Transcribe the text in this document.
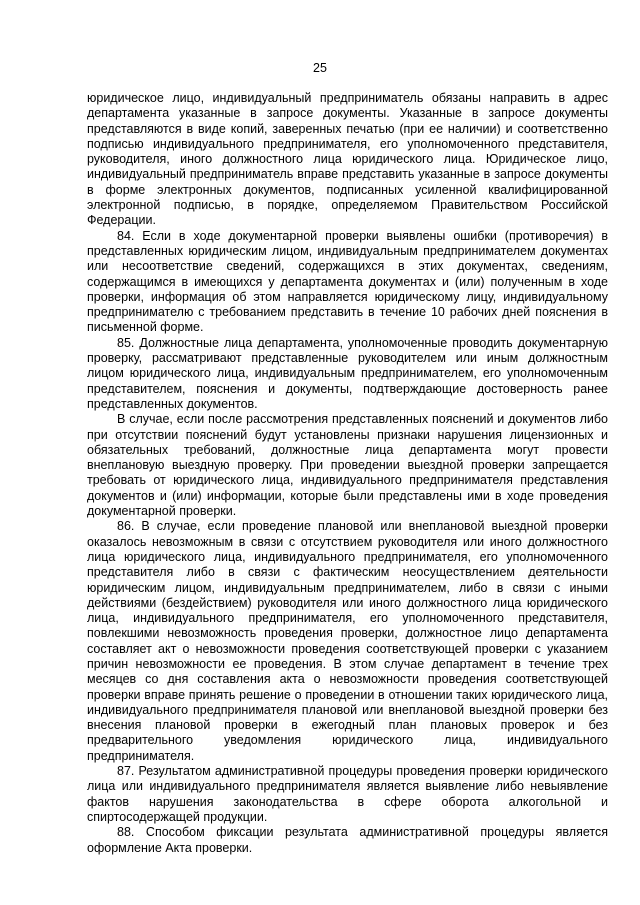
25

юридическое лицо, индивидуальный предприниматель обязаны направить в адрес департамента указанные в запросе документы. Указанные в запросе документы представляются в виде копий, заверенных печатью (при ее наличии) и соответственно подписью индивидуального предпринимателя, его уполномоченного представителя, руководителя, иного должностного лица юридического лица. Юридическое лицо, индивидуальный предприниматель вправе представить указанные в запросе документы в форме электронных документов, подписанных усиленной квалифицированной электронной подписью, в порядке, определяемом Правительством Российской Федерации.

84. Если в ходе документарной проверки выявлены ошибки (противоречия) в представленных юридическим лицом, индивидуальным предпринимателем документах или несоответствие сведений, содержащихся в этих документах, сведениям, содержащимся в имеющихся у департамента документах и (или) полученным в ходе проверки, информация об этом направляется юридическому лицу, индивидуальному предпринимателю с требованием представить в течение 10 рабочих дней пояснения в письменной форме.

85. Должностные лица департамента, уполномоченные проводить документарную проверку, рассматривают представленные руководителем или иным должностным лицом юридического лица, индивидуальным предпринимателем, его уполномоченным представителем, пояснения и документы, подтверждающие достоверность ранее представленных документов.

В случае, если после рассмотрения представленных пояснений и документов либо при отсутствии пояснений будут установлены признаки нарушения лицензионных и обязательных требований, должностные лица департамента могут провести внеплановую выездную проверку. При проведении выездной проверки запрещается требовать от юридического лица, индивидуального предпринимателя представления документов и (или) информации, которые были представлены ими в ходе проведения документарной проверки.

86. В случае, если проведение плановой или внеплановой выездной проверки оказалось невозможным в связи с отсутствием руководителя или иного должностного лица юридического лица, индивидуального предпринимателя, его уполномоченного представителя либо в связи с фактическим неосуществлением деятельности юридическим лицом, индивидуальным предпринимателем, либо в связи с иными действиями (бездействием) руководителя или иного должностного лица юридического лица, индивидуального предпринимателя, его уполномоченного представителя, повлекшими невозможность проведения проверки, должностное лицо департамента составляет акт о невозможности проведения соответствующей проверки с указанием причин невозможности ее проведения. В этом случае департамент в течение трех месяцев со дня составления акта о невозможности проведения соответствующей проверки вправе принять решение о проведении в отношении таких юридического лица, индивидуального предпринимателя плановой или внеплановой выездной проверки без внесения плановой проверки в ежегодный план плановых проверок и без предварительного уведомления юридического лица, индивидуального предпринимателя.

87. Результатом административной процедуры проведения проверки юридического лица или индивидуального предпринимателя является выявление либо невыявление фактов нарушения законодательства в сфере оборота алкогольной и спиртосодержащей продукции.

88. Способом фиксации результата административной процедуры является оформление Акта проверки.
